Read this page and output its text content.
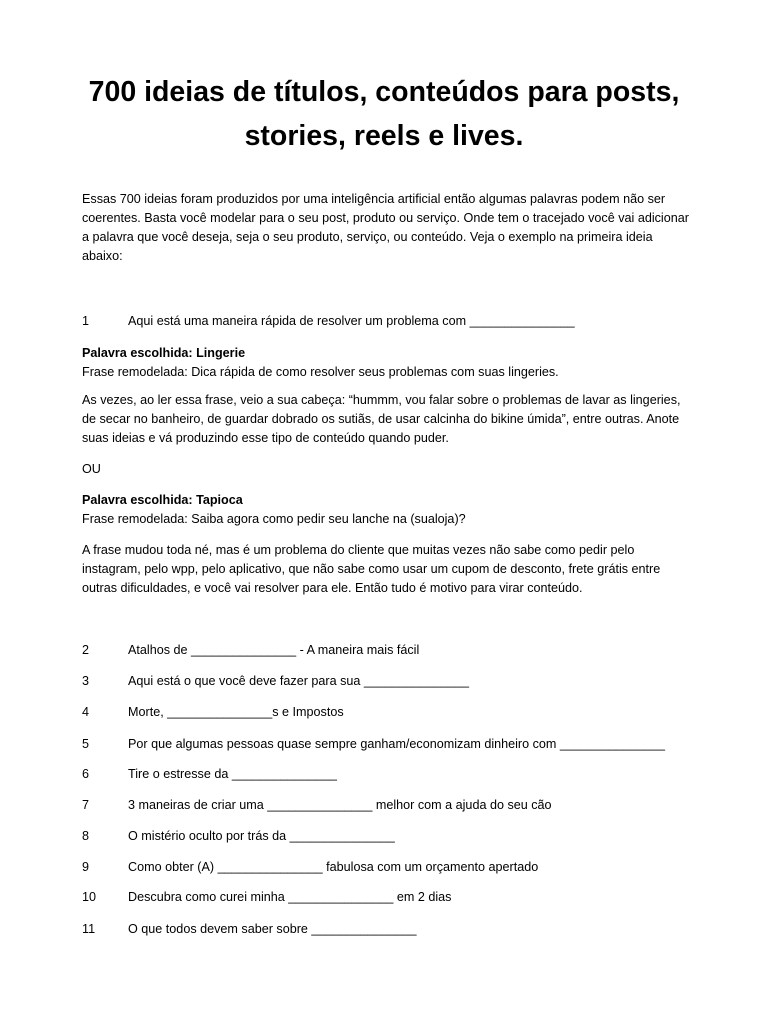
700 ideias de títulos, conteúdos para posts,
stories, reels e lives.

Essas 700 ideias foram produzidos por uma inteligência artificial então algumas palavras podem não ser coerentes. Basta você modelar para o seu post, produto ou serviço. Onde tem o tracejado você vai adicionar a palavra que você deseja, seja o seu produto, serviço, ou conteúdo. Veja o exemplo na primeira ideia abaixo:

1	Aqui está uma maneira rápida de resolver um problema com _______________
Palavra escolhida: Lingerie
Frase remodelada: Dica rápida de como resolver seus problemas com suas lingeries.

As vezes, ao ler essa frase, veio a sua cabeça: “hummm, vou falar sobre o problemas de lavar as lingeries, de secar no banheiro, de guardar dobrado os sutiãs, de usar calcinha do bikine úmida”, entre outras. Anote suas ideias e vá produzindo esse tipo de conteúdo quando puder.

OU
Palavra escolhida: Tapioca
Frase remodelada: Saiba agora como pedir seu lanche na (sualoja)?

A frase mudou toda né, mas é um problema do cliente que muitas vezes não sabe como pedir pelo instagram, pelo wpp, pelo aplicativo, que não sabe como usar um cupom de desconto, frete grátis entre outras dificuldades, e você vai resolver para ele. Então tudo é motivo para virar conteúdo.

2	Atalhos de _______________ - A maneira mais fácil
3	Aqui está o que você deve fazer para sua _______________
4	Morte, _______________s e Impostos
5	Por que algumas pessoas quase sempre ganham/economizam dinheiro com _______________
6	Tire o estresse da _______________
7	3 maneiras de criar uma _______________ melhor com a ajuda do seu cão
8	O mistério oculto por trás da _______________
9	Como obter (A) _______________ fabulosa com um orçamento apertado
10	Descubra como curei minha _______________ em 2 dias
11	O que todos devem saber sobre _______________
